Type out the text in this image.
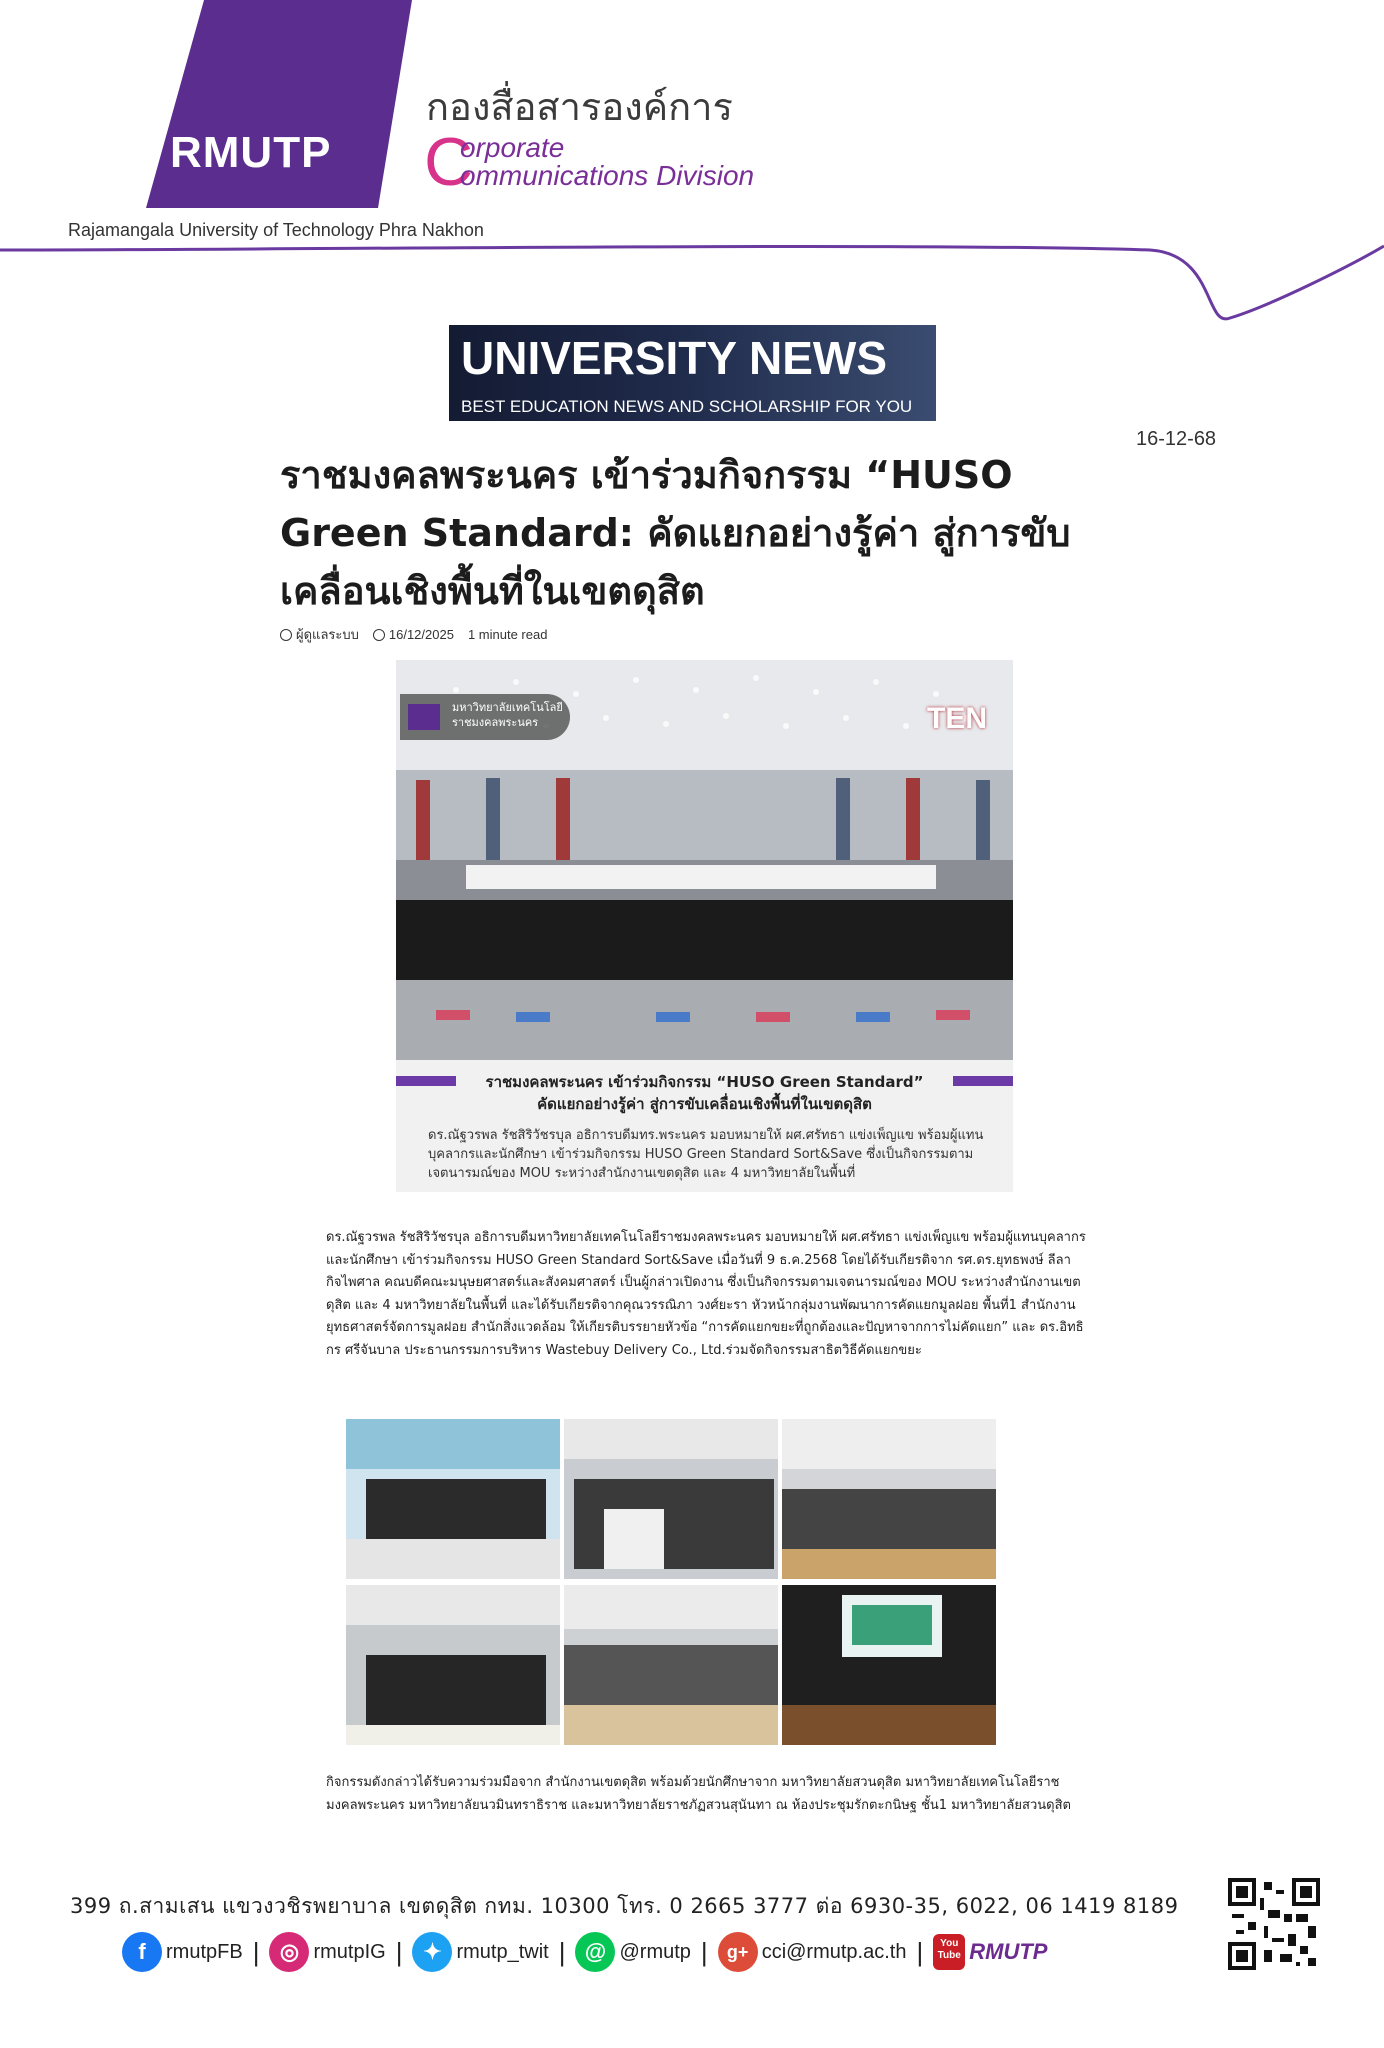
RMUTP
Rajamangala University of Technology Phra Nakhon
กองสื่อสารองค์การ
C
orporate
ommunications Division
UNIVERSITY NEWS
BEST EDUCATION NEWS AND SCHOLARSHIP FOR YOU
16-12-68
ราชมงคลพระนคร เข้าร่วมกิจกรรม “HUSO Green Standard: คัดแยกอย่างรู้ค่า สู่การขับเคลื่อนเชิงพื้นที่ในเขตดุสิต
ผู้ดูแลระบบ	16/12/2025 1 minute read
มหาวิทยาลัยเทคโนโลยี
ราชมงคลพระนคร	TEN
ราชมงคลพระนคร เข้าร่วมกิจกรรม “HUSO Green Standard”
คัดแยกอย่างรู้ค่า สู่การขับเคลื่อนเชิงพื้นที่ในเขตดุสิต
ดร.ณัฐวรพล รัชสิริวัชรบุล อธิการบดีมทร.พระนคร มอบหมายให้ ผศ.ศรัทธา แข่งเพ็ญแข พร้อมผู้แทนบุคลากรและนักศึกษา เข้าร่วมกิจกรรม HUSO Green Standard Sort&Save ซึ่งเป็นกิจกรรมตามเจตนารมณ์ของ MOU ระหว่างสำนักงานเขตดุสิต และ 4 มหาวิทยาลัยในพื้นที่

ดร.ณัฐวรพล รัชสิริวัชรบุล อธิการบดีมหาวิทยาลัยเทคโนโลยีราชมงคลพระนคร มอบหมายให้ ผศ.ศรัทธา แข่งเพ็ญแข พร้อมผู้แทนบุคลากรและนักศึกษา เข้าร่วมกิจกรรม HUSO Green Standard Sort&Save เมื่อวันที่ 9 ธ.ค.2568 โดยได้รับเกียรติจาก รศ.ดร.ยุทธพงษ์ ลีลากิจไพศาล คณบดีคณะมนุษยศาสตร์และสังคมศาสตร์ เป็นผู้กล่าวเปิดงาน ซึ่งเป็นกิจกรรมตามเจตนารมณ์ของ MOU ระหว่างสำนักงานเขตดุสิต และ 4 มหาวิทยาลัยในพื้นที่ และได้รับเกียรติจากคุณวรรณิภา วงศ์ยะรา หัวหน้ากลุ่มงานพัฒนาการคัดแยกมูลฝอย พื้นที่1 สำนักงานยุทธศาสตร์จัดการมูลฝอย สำนักสิ่งแวดล้อม ให้เกียรติบรรยายหัวข้อ “การคัดแยกขยะที่ถูกต้องและปัญหาจากการไม่คัดแยก” และ ดร.อิทธิกร ศรีจันบาล ประธานกรรมการบริหาร Wastebuy Delivery Co., Ltd.ร่วมจัดกิจกรรมสาธิตวิธีคัดแยกขยะ

กิจกรรมดังกล่าวได้รับความร่วมมือจาก สำนักงานเขตดุสิต พร้อมด้วยนักศึกษาจาก มหาวิทยาลัยสวนดุสิต มหาวิทยาลัยเทคโนโลยีราชมงคลพระนคร มหาวิทยาลัยนวมินทราธิราช และมหาวิทยาลัยราชภัฏสวนสุนันทา ณ ห้องประชุมรักตะกนิษฐ ชั้น1 มหาวิทยาลัยสวนดุสิต

399 ถ.สามเสน แขวงวชิรพยาบาล เขตดุสิต กทม. 10300 โทร. 0 2665 3777 ต่อ 6930-35, 6022, 06 1419 8189
f	rmutpFB | ◎ rmutpIG | ✦ rmutp_twit | @ @rmutp |	g+ cci@rmutp.ac.th |	You
Tube RMUTP
